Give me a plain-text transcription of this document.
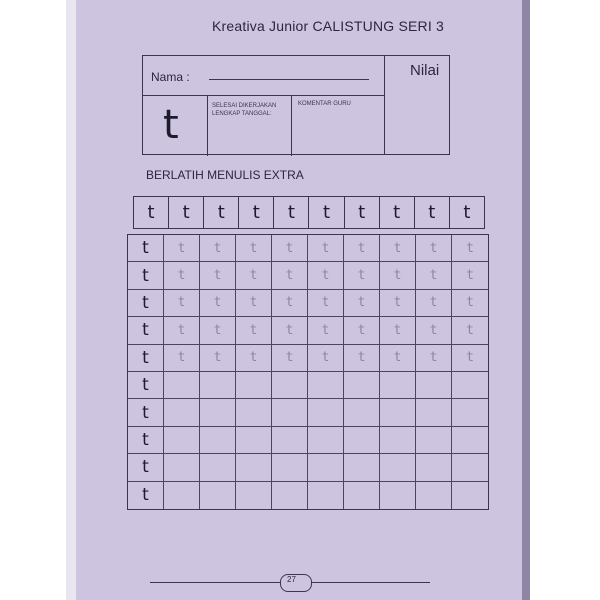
Kreativa Junior CALISTUNG SERI 3
Nama :
t	SELESAI DIKERJAKAN LENGKAP TANGGAL:
KOMENTAR GURU
Nilai
BERLATIH MENULIS EXTRA
t	t	t	t	t	t	t	t	t	t
t	t t t t t t t t t
t	t t t t t t t t t
t	t t t t t t t t t
t	t t t t t t t t t
t	t t t t t t t t t
t
t
t
t
t
27
